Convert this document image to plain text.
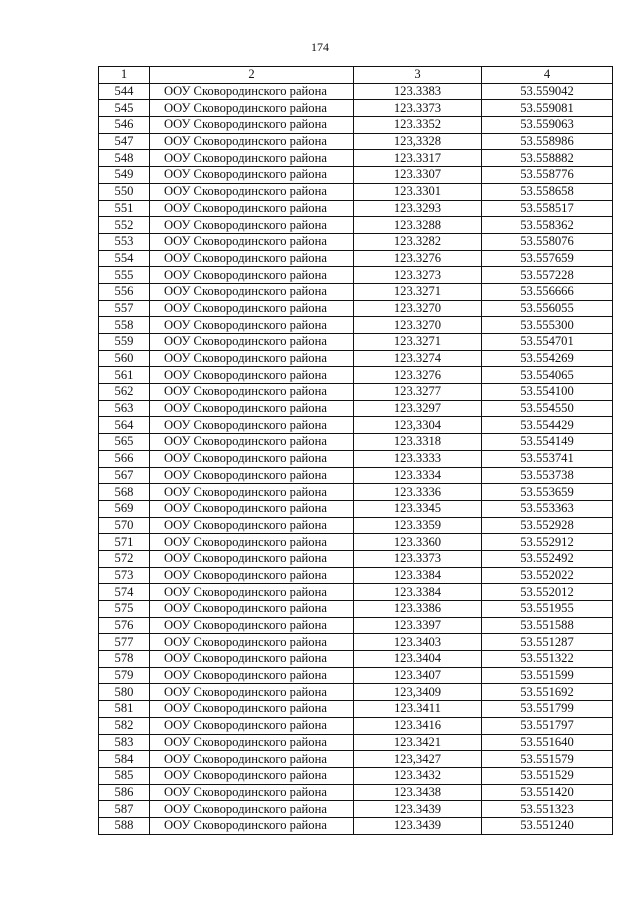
174
1	2	3	4
544	ООУ Сковородинского района	123.3383	53.559042
545	ООУ Сковородинского района	123.3373	53.559081
546	ООУ Сковородинского района	123.3352	53.559063
547	ООУ Сковородинского района	123,3328	53.558986
548	ООУ Сковородинского района	123.3317	53.558882
549	ООУ Сковородинского района	123.3307	53.558776
550	ООУ Сковородинского района	123.3301	53.558658
551	ООУ Сковородинского района	123.3293	53.558517
552	ООУ Сковородинского района	123.3288	53.558362
553	ООУ Сковородинского района	123.3282	53.558076
554	ООУ Сковородинского района	123.3276	53.557659
555	ООУ Сковородинского района	123.3273	53.557228
556	ООУ Сковородинского района	123.3271	53.556666
557	ООУ Сковородинского района	123.3270	53.556055
558	ООУ Сковородинского района	123.3270	53.555300
559	ООУ Сковородинского района	123.3271	53.554701
560	ООУ Сковородинского района	123.3274	53.554269
561	ООУ Сковородинского района	123.3276	53.554065
562	ООУ Сковородинского района	123.3277	53.554100
563	ООУ Сковородинского района	123.3297	53.554550
564	ООУ Сковородинского района	123,3304	53.554429
565	ООУ Сковородинского района	123.3318	53.554149
566	ООУ Сковородинского района	123.3333	53.553741
567	ООУ Сковородинского района	123.3334	53.553738
568	ООУ Сковородинского района	123.3336	53.553659
569	ООУ Сковородинского района	123.3345	53.553363
570	ООУ Сковородинского района	123.3359	53.552928
571	ООУ Сковородинского района	123.3360	53.552912
572	ООУ Сковородинского района	123.3373	53.552492
573	ООУ Сковородинского района	123.3384	53.552022
574	ООУ Сковородинского района	123.3384	53.552012
575	ООУ Сковородинского района	123.3386	53.551955
576	ООУ Сковородинского района	123.3397	53.551588
577	ООУ Сковородинского района	123.3403	53.551287
578	ООУ Сковородинского района	123.3404	53.551322
579	ООУ Сковородинского района	123.3407	53.551599
580	ООУ Сковородинского района	123,3409	53.551692
581	ООУ Сковородинского района	123.3411	53.551799
582	ООУ Сковородинского района	123.3416	53.551797
583	ООУ Сковородинского района	123.3421	53.551640
584	ООУ Сковородинского района	123,3427	53.551579
585	ООУ Сковородинского района	123.3432	53.551529
586	ООУ Сковородинского района	123.3438	53.551420
587	ООУ Сковородинского района	123.3439	53.551323
588	ООУ Сковородинского района	123.3439	53.551240
